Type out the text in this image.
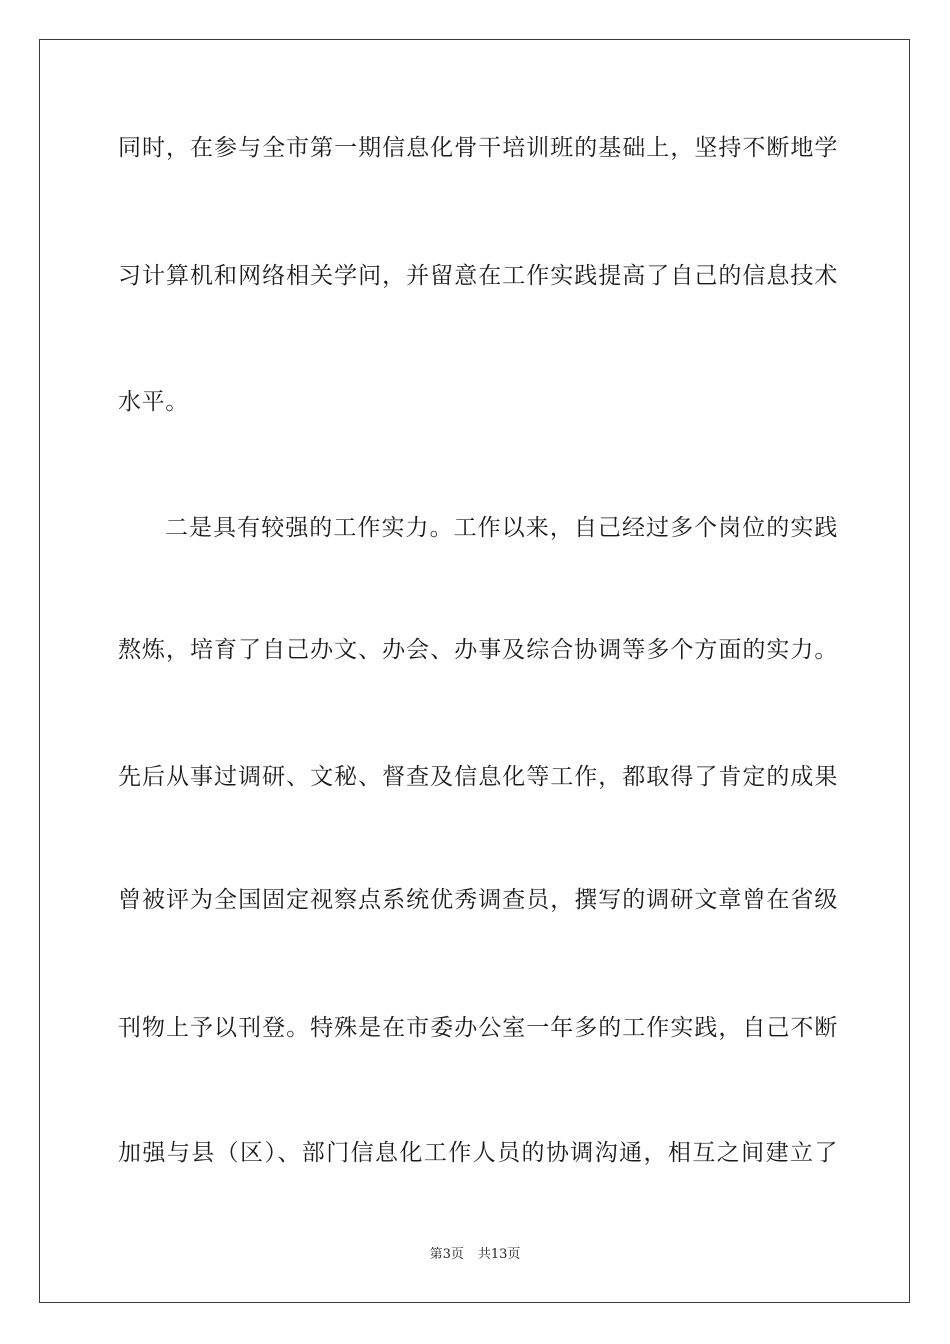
同时，在参与全市第一期信息化骨干培训班的基础上，坚持不断地学
习计算机和网络相关学问，并留意在工作实践提高了自己的信息技术
水平。
二是具有较强的工作实力。工作以来，自己经过多个岗位的实践
熬炼，培育了自己办文、办会、办事及综合协调等多个方面的实力。
先后从事过调研、文秘、督查及信息化等工作，都取得了肯定的成果
曾被评为全国固定视察点系统优秀调查员，撰写的调研文章曾在省级
刊物上予以刊登。特殊是在市委办公室一年多的工作实践，自己不断
加强与县（区）、部门信息化工作人员的协调沟通，相互之间建立了
第3页 共13页
